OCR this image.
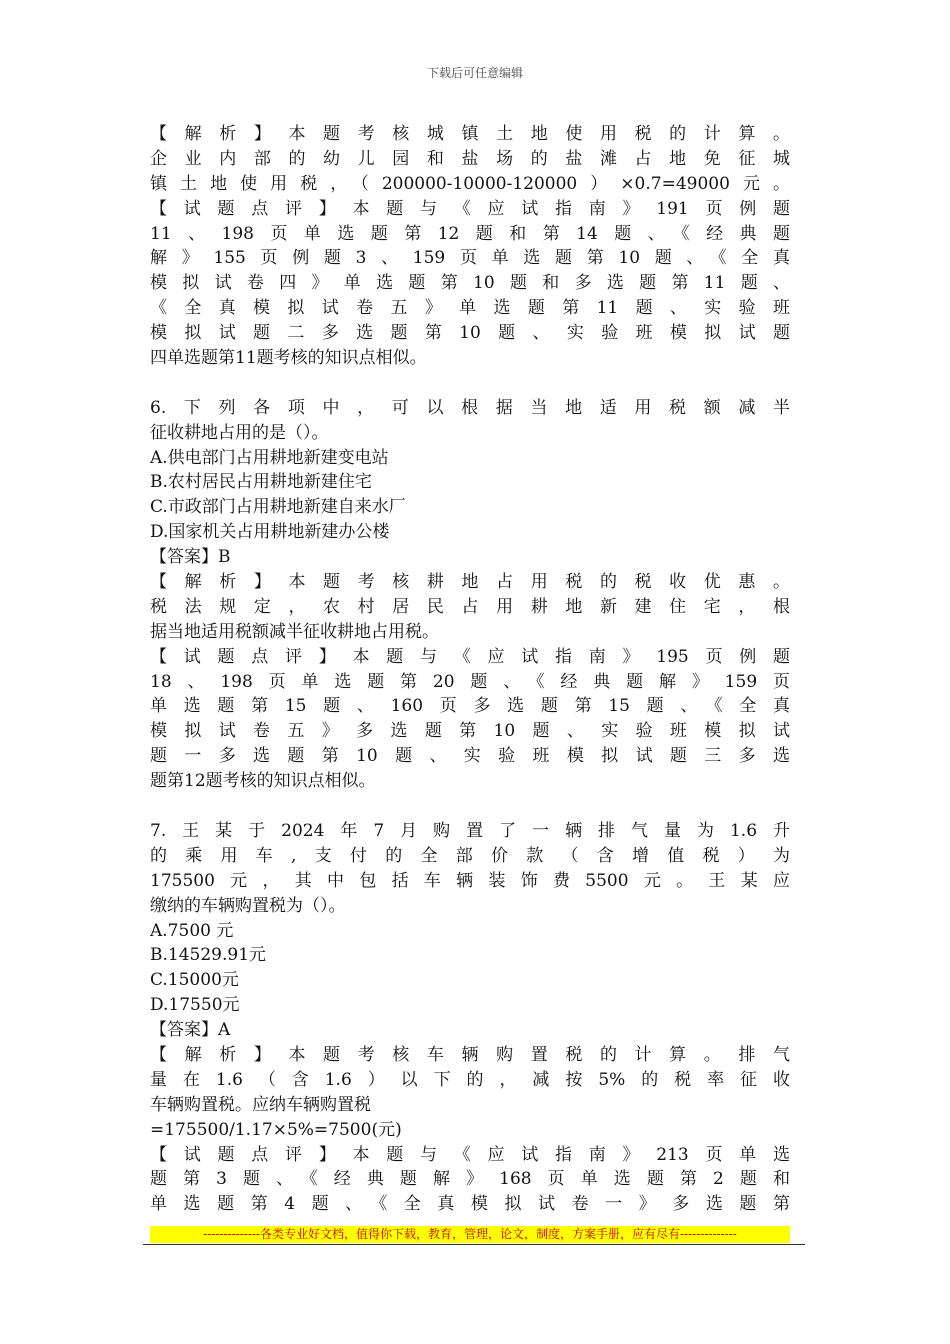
下载后可任意编辑
【解析】本题考核城镇土地使用税的计算。
企业内部的幼儿园和盐场的盐滩占地免征城
镇土地使用税，（200000-10000-120000）×0.7=49000元。
【试题点评】本题与《应试指南》191页例题
11、198页单选题第12题和第14题、《经典题
解》155页例题3、159页单选题第10题、《全真
模拟试卷四》单选题第10题和多选题第11题、
《全真模拟试卷五》单选题第11题、实验班
模拟试题二多选题第10题、实验班模拟试题
四单选题第11题考核的知识点相似。
6.下列各项中，可以根据当地适用税额减半
征收耕地占用的是（）。
A.供电部门占用耕地新建变电站
B.农村居民占用耕地新建住宅
C.市政部门占用耕地新建自来水厂
D.国家机关占用耕地新建办公楼
【答案】B
【解析】本题考核耕地占用税的税收优惠。
税法规定，农村居民占用耕地新建住宅，根
据当地适用税额减半征收耕地占用税。
【试题点评】本题与《应试指南》195页例题
18、198页单选题第20题、《经典题解》159页
单选题第15题、160页多选题第15题、《全真
模拟试卷五》多选题第10题、实验班模拟试
题一多选题第10题、实验班模拟试题三多选
题第12题考核的知识点相似。
7.王某于2024年7月购置了一辆排气量为1.6升
的乘用车,支付的全部价款（含增值税）为
175500元，其中包括车辆装饰费5500元。王某应
缴纳的车辆购置税为（）。
A.7500 元
B.14529.91元
C.15000元
D.17550元
【答案】A
【解析】本题考核车辆购置税的计算。排气
量在1.6（含1.6）以下的，减按5%的税率征收
车辆购置税。应纳车辆购置税
=175500/1.17×5%=7500(元)
【试题点评】本题与《应试指南》213页单选
题第3题、《经典题解》168页单选题第2题和
单选题第4题、《全真模拟试卷一》多选题第
--------------各类专业好文档，值得你下载，教育，管理，论文，制度，方案手册，应有尽有--------------
